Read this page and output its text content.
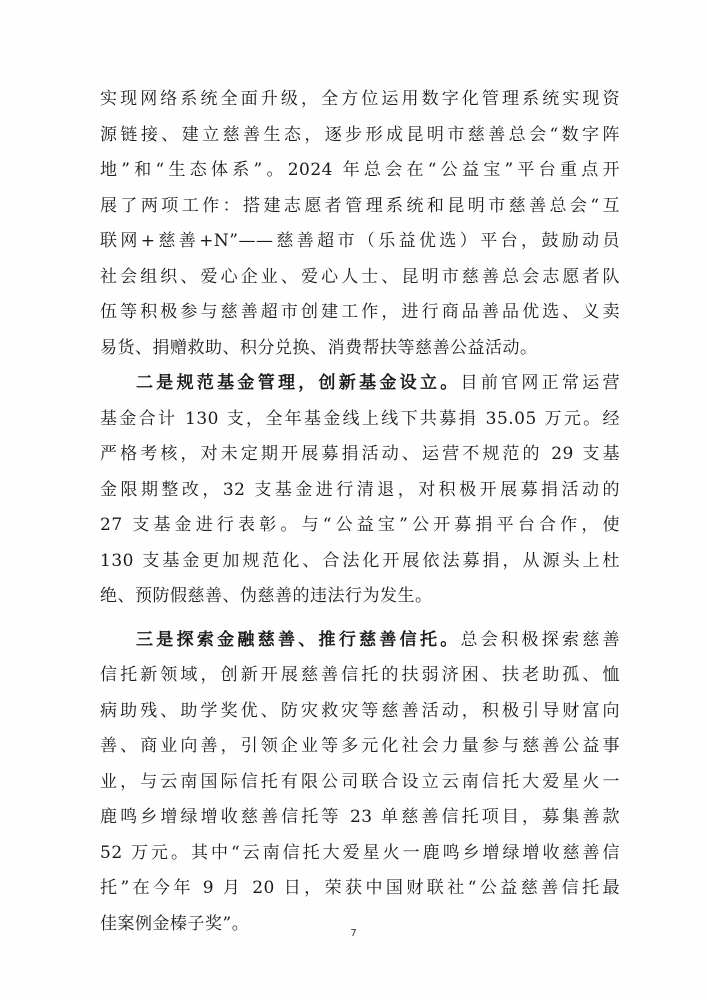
实现网络系统全面升级，全方位运用数字化管理系统实现资
源链接、建立慈善生态，逐步形成昆明市慈善总会“数字阵
地”和“生态体系”。2024 年总会在“公益宝”平台重点开
展了两项工作：搭建志愿者管理系统和昆明市慈善总会“互
联网+慈善+N”——慈善超市（乐益优选）平台，鼓励动员
社会组织、爱心企业、爱心人士、昆明市慈善总会志愿者队
伍等积极参与慈善超市创建工作，进行商品善品优选、义卖
易货、捐赠救助、积分兑换、消费帮扶等慈善公益活动。
二是规范基金管理，创新基金设立。目前官网正常运营
基金合计 130 支，全年基金线上线下共募捐 35.05 万元。经
严格考核，对未定期开展募捐活动、运营不规范的 29 支基
金限期整改，32 支基金进行清退，对积极开展募捐活动的
27 支基金进行表彰。与“公益宝”公开募捐平台合作，使
130 支基金更加规范化、合法化开展依法募捐，从源头上杜
绝、预防假慈善、伪慈善的违法行为发生。
三是探索金融慈善、推行慈善信托。总会积极探索慈善
信托新领域，创新开展慈善信托的扶弱济困、扶老助孤、恤
病助残、助学奖优、防灾救灾等慈善活动，积极引导财富向
善、商业向善，引领企业等多元化社会力量参与慈善公益事
业，与云南国际信托有限公司联合设立云南信托大爱星火一
鹿鸣乡增绿增收慈善信托等 23 单慈善信托项目，募集善款
52 万元。其中“云南信托大爱星火一鹿鸣乡增绿增收慈善信
托”在今年 9 月 20 日，荣获中国财联社“公益慈善信托最
佳案例金榛子奖”。	7
